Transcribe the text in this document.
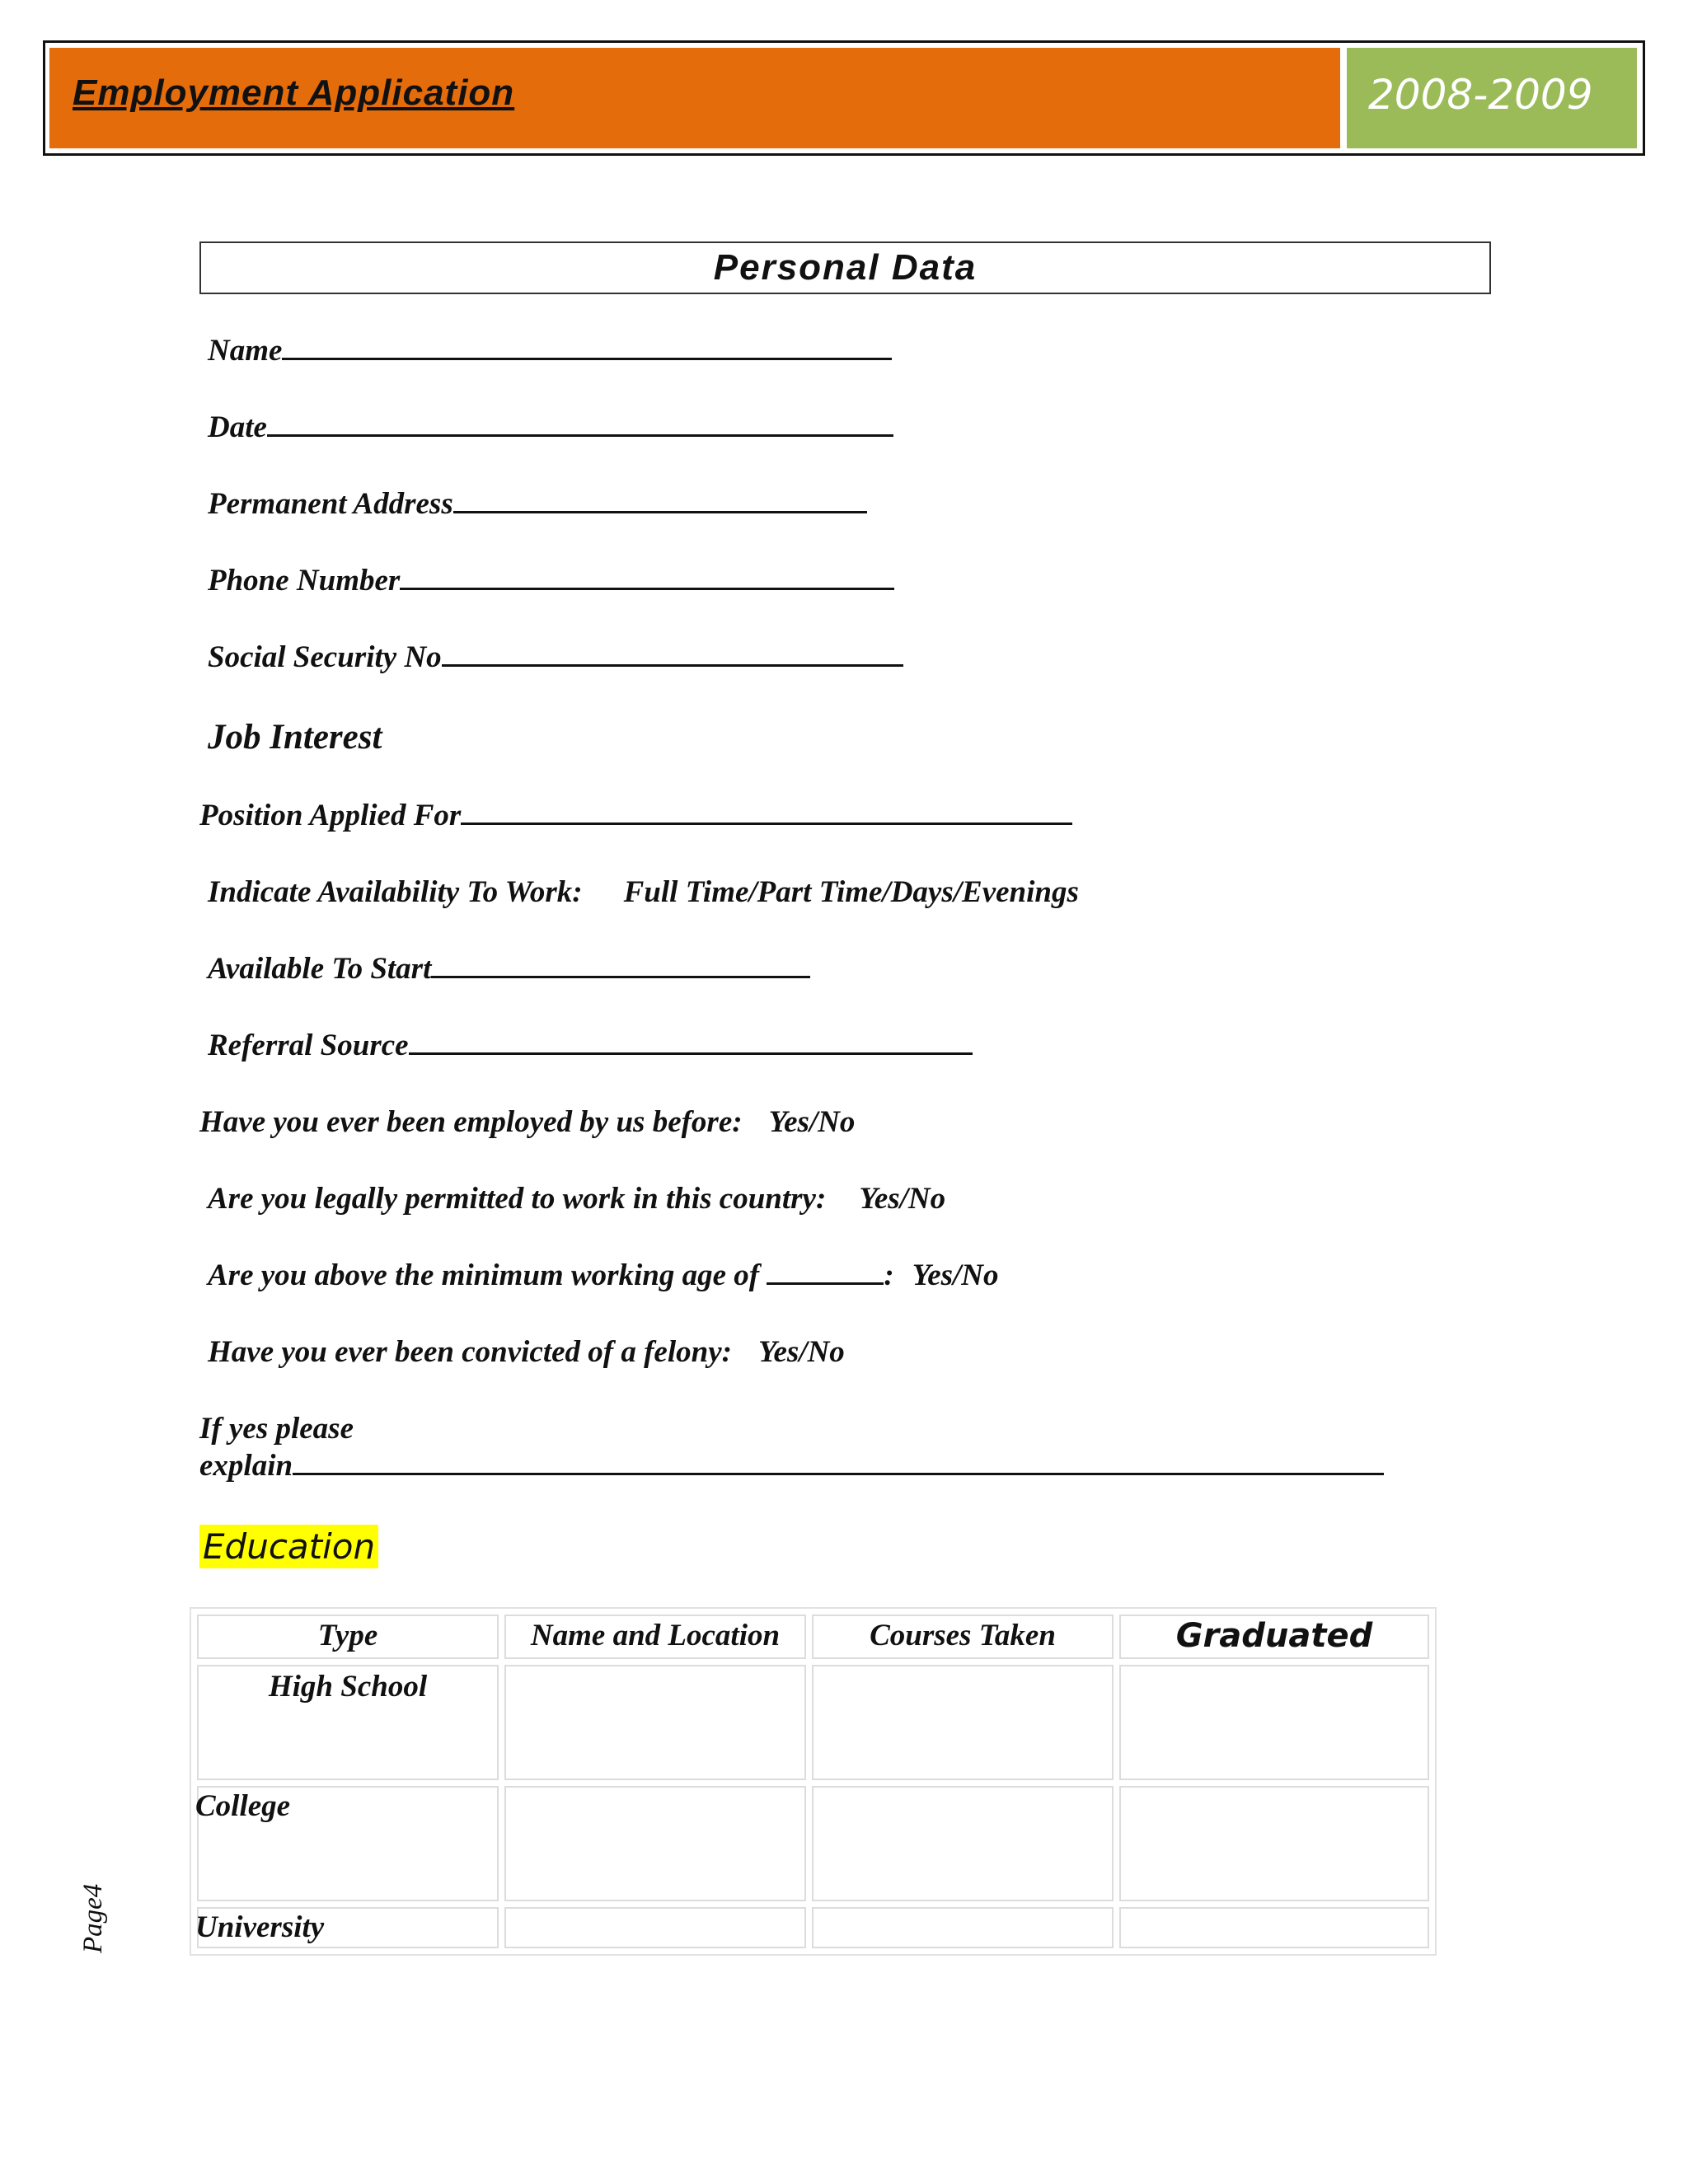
Employment Application	2008-2009
Personal Data
Name
Date
Permanent Address
Phone Number
Social Security No
Job Interest
Position Applied For
Indicate Availability To Work: Full Time/Part Time/Days/Evenings
Available To Start
Referral Source
Have you ever been employed by us before: Yes/No
Are you legally permitted to work in this country: Yes/No
Are you above the minimum working age of	: Yes/No
Have you ever been convicted of a felony: Yes/No
If yes please
explain
Education
Type	Name and Location	Courses Taken	Graduated

High School			

College			

University			

Page4
